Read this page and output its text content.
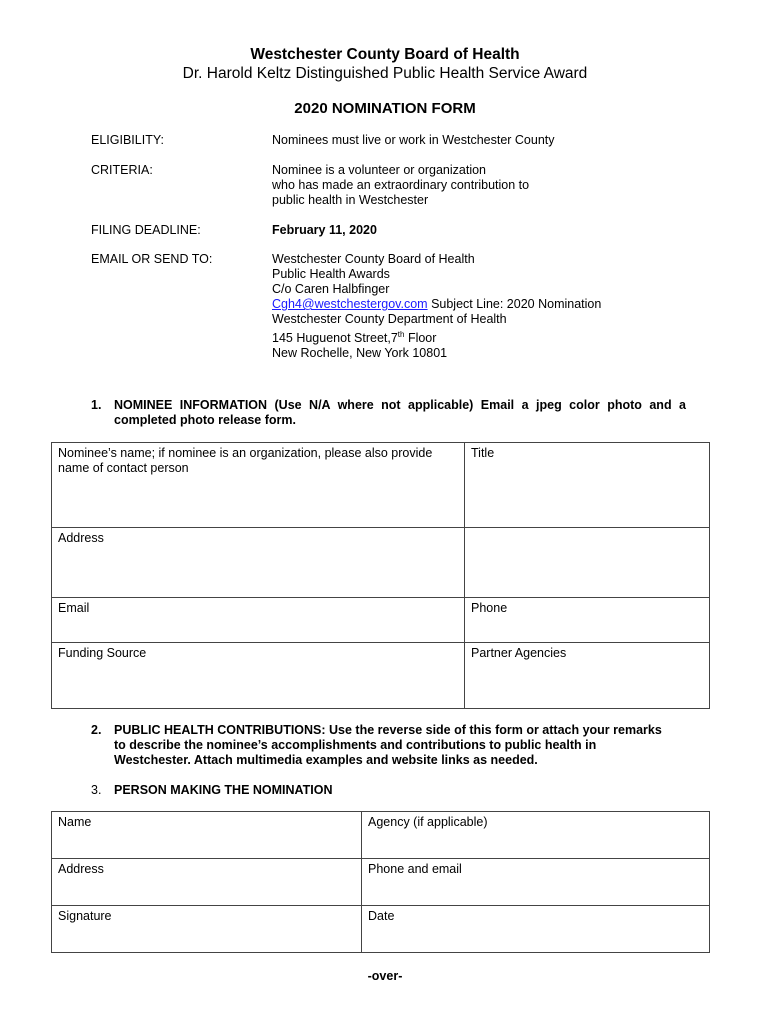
Westchester County Board of Health
Dr. Harold Keltz Distinguished Public Health Service Award
2020 NOMINATION FORM
ELIGIBILITY:	Nominees must live or work in Westchester County
CRITERIA:	Nominee is a volunteer or organization
who has made an extraordinary contribution to
public health in Westchester
FILING DEADLINE:	February 11, 2020
EMAIL OR SEND TO:	Westchester County Board of Health
Public Health Awards
C/o Caren Halbfinger
Cgh4@westchestergov.com Subject Line: 2020 Nomination
Westchester County Department of Health
145 Huguenot Street,7th Floor
New Rochelle, New York 10801
1. NOMINEE INFORMATION (Use N/A where not applicable) Email a jpeg color photo and a
completed photo release form.
Nominee’s name; if nominee is an organization, please also provide
name of contact person	Title

Address	

Email	Phone

Funding Source	Partner Agencies
2. PUBLIC HEALTH CONTRIBUTIONS: Use the reverse side of this form or attach your remarks
to describe the nominee’s accomplishments and contributions to public health in
Westchester. Attach multimedia examples and website links as needed.
3. PERSON MAKING THE NOMINATION
Name	Agency (if applicable)

Address	Phone and email

Signature	Date
-over-
